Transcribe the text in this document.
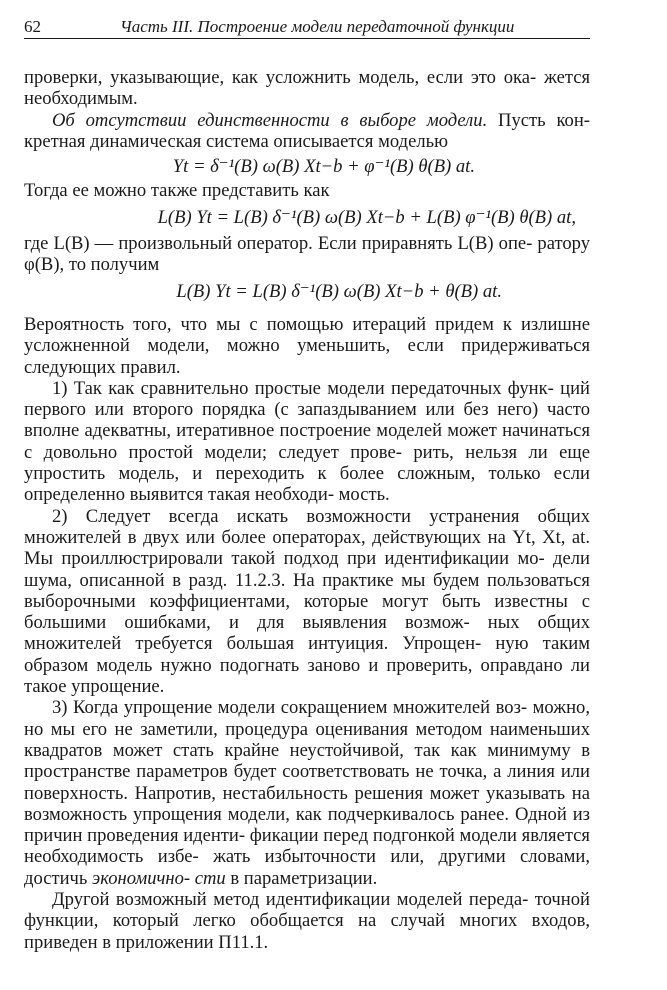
62	Часть III. Построение модели передаточной функции

проверки, указывающие, как усложнить модель, если это ока- жется необходимым.

Об отсутствии единственности в выборе модели. Пусть кон- кретная динамическая система описывается моделью

Yt = δ⁻¹(B) ω(B) Xt−b + φ⁻¹(B) θ(B) at.

Тогда ее можно также представить как

L(B) Yt = L(B) δ⁻¹(B) ω(B) Xt−b + L(B) φ⁻¹(B) θ(B) at,

где L(B) — произвольный оператор. Если приравнять L(B) опе- ратору φ(B), то получим

L(B) Yt = L(B) δ⁻¹(B) ω(B) Xt−b + θ(B) at.

Вероятность того, что мы с помощью итераций придем к излишне усложненной модели, можно уменьшить, если придерживаться следующих правил.

1) Так как сравнительно простые модели передаточных функ- ций первого или второго порядка (с запаздыванием или без него) часто вполне адекватны, итеративное построение моделей может начинаться с довольно простой модели; следует прове- рить, нельзя ли еще упростить модель, и переходить к более сложным, только если определенно выявится такая необходи- мость.

2) Следует всегда искать возможности устранения общих множителей в двух или более операторах, действующих на Yt, Xt, at. Мы проиллюстрировали такой подход при идентификации мо- дели шума, описанной в разд. 11.2.3. На практике мы будем пользоваться выборочными коэффициентами, которые могут быть известны с большими ошибками, и для выявления возмож- ных общих множителей требуется большая интуиция. Упрощен- ную таким образом модель нужно подогнать заново и проверить, оправдано ли такое упрощение.

3) Когда упрощение модели сокращением множителей воз- можно, но мы его не заметили, процедура оценивания методом наименьших квадратов может стать крайне неустойчивой, так как минимуму в пространстве параметров будет соответствовать не точка, а линия или поверхность. Напротив, нестабильность решения может указывать на возможность упрощения модели, как подчеркивалось ранее. Одной из причин проведения иденти- фикации перед подгонкой модели является необходимость избе- жать избыточности или, другими словами, достичь экономично- сти в параметризации.

Другой возможный метод идентификации моделей переда- точной функции, который легко обобщается на случай многих входов, приведен в приложении П11.1.
